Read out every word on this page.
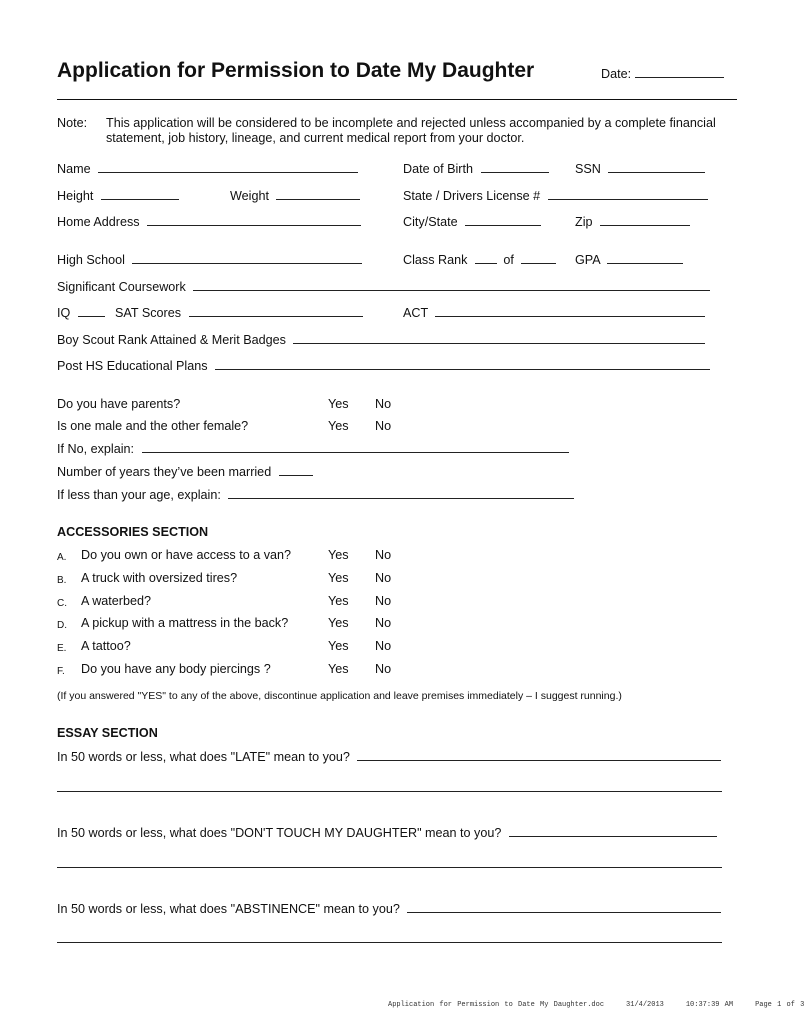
Application for Permission to Date My Daughter	Date:
Note: This application will be considered to be incomplete and rejected unless accompanied by a complete financial
statement, job history, lineage, and current medical report from your doctor.
Name	Date of Birth	SSN
Height	Weight	State / Drivers License #
Home Address	City/State	Zip
High School	Class Rank	of	GPA
Significant Coursework
IQ	SAT Scores	ACT
Boy Scout Rank Attained & Merit Badges
Post HS Educational Plans
Do you have parents?	Yes No
Is one male and the other female?	Yes No
If No, explain:
Number of years they’ve been married
If less than your age, explain:
ACCESSORIES SECTION
A. Do you own or have access to a van?	Yes No
B. A truck with oversized tires?	Yes No
C. A waterbed?	Yes No
D. A pickup with a mattress in the back?	Yes No
E. A tattoo?	Yes No
F. Do you have any body piercings ?	Yes No
(If you answered "YES" to any of the above, discontinue application and leave premises immediately – I suggest running.)
ESSAY SECTION
In 50 words or less, what does "LATE" mean to you?
In 50 words or less, what does "DON'T TOUCH MY DAUGHTER" mean to you?
In 50 words or less, what does "ABSTINENCE" mean to you?
Application for Permission to Date My Daughter.doc	31/4/2013	10:37:39 AM	Page 1 of 3
